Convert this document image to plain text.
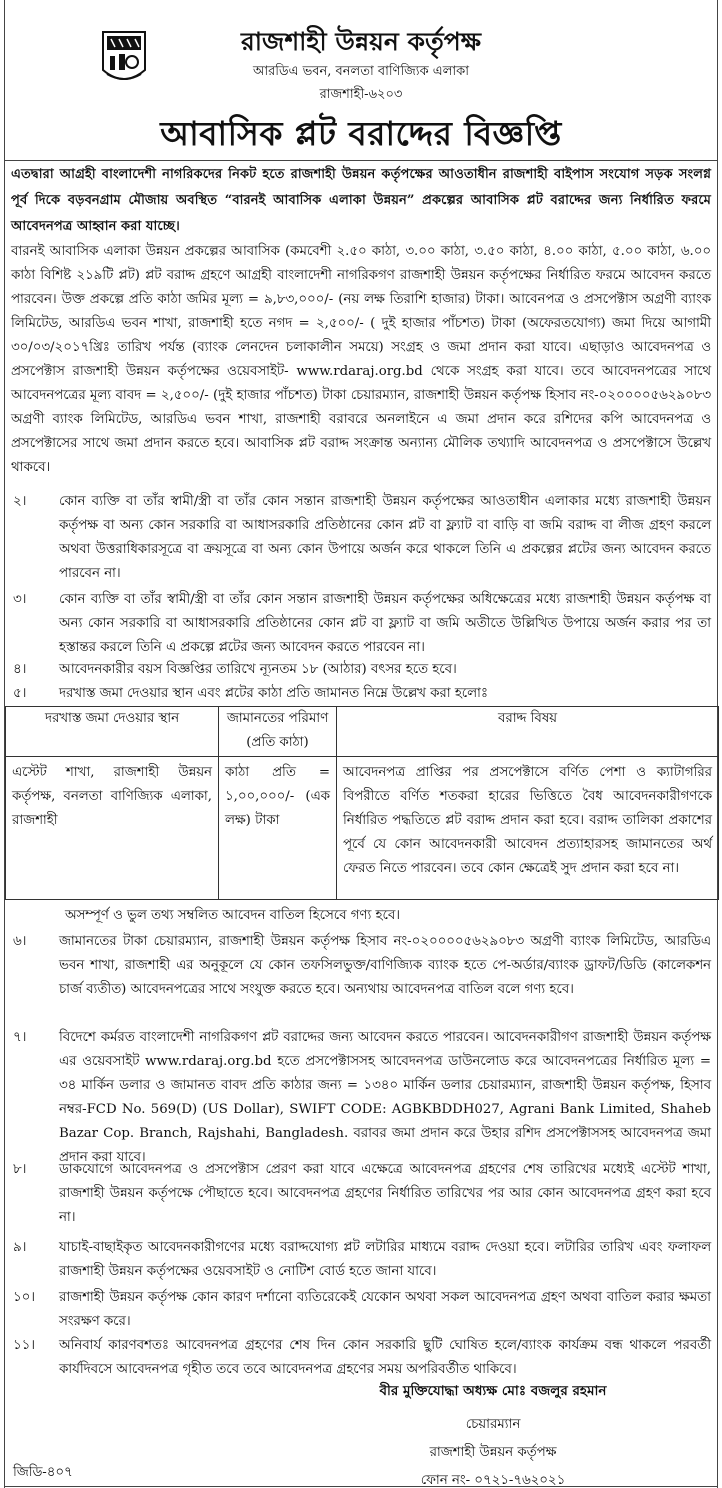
রাজশাহী উন্নয়ন কর্তৃপক্ষ
আরডিএ ভবন, বনলতা বাণিজ্যিক এলাকা
রাজশাহী-৬২০৩
আবাসিক প্লট বরাদ্দের বিজ্ঞপ্তি

এতদ্বারা আগ্রহী বাংলাদেশী নাগরিকদের নিকট হতে রাজশাহী উন্নয়ন কর্তৃপক্ষের আওতাধীন রাজশাহী বাইপাস সংযোগ সড়ক সংলগ্ন পূর্ব দিকে বড়বনগ্রাম মৌজায় অবস্থিত “বারনই আবাসিক এলাকা উন্নয়ন” প্রকল্পের আবাসিক প্লট বরাদ্দের জন্য নির্ধারিত ফরমে আবেদনপত্র আহ্বান করা যাচ্ছে।

বারনই আবাসিক এলাকা উন্নয়ন প্রকল্পের আবাসিক (কমবেশী ২.৫০ কাঠা, ৩.০০ কাঠা, ৩.৫০ কাঠা, ৪.০০ কাঠা, ৫.০০ কাঠা, ৬.০০ কাঠা বিশিষ্ট ২১৯টি প্লট) প্লট বরাদ্দ গ্রহণে আগ্রহী বাংলাদেশী নাগরিকগণ রাজশাহী উন্নয়ন কর্তৃপক্ষের নির্ধারিত ফরমে আবেদন করতে পারবেন। উক্ত প্রকল্পে প্রতি কাঠা জমির মূল্য = ৯,৮৩,০০০/- (নয় লক্ষ তিরাশি হাজার) টাকা। আবেনপত্র ও প্রসপেক্টাস অগ্রণী ব্যাংক লিমিটেড, আরডিএ ভবন শাখা, রাজশাহী হতে নগদ = ২,৫০০/- ( দুই হাজার পাঁচশত) টাকা (অফেরতযোগ্য) জমা দিয়ে আগামী ৩০/০৩/২০১৭খ্রিঃ তারিখ পর্যন্ত (ব্যাংক লেনদেন চলাকালীন সময়ে) সংগ্রহ ও জমা প্রদান করা যাবে। এছাড়াও আবেদনপত্র ও প্রসপেক্টাস রাজশাহী উন্নয়ন কর্তৃপক্ষের ওয়েবসাইট- www.rdaraj.org.bd থেকে সংগ্রহ করা যাবে। তবে আবেদনপত্রের সাথে আবেদনপত্রের মূল্য বাবদ = ২,৫০০/- (দুই হাজার পাঁচশত) টাকা চেয়ারম্যান, রাজশাহী উন্নয়ন কর্তৃপক্ষ হিসাব নং-০২০০০০৫৬২৯০৮৩ অগ্রণী ব্যাংক লিমিটেড, আরডিএ ভবন শাখা, রাজশাহী বরাবরে অনলাইনে এ জমা প্রদান করে রশিদের কপি আবেদনপত্র ও প্রসপেক্টাসের সাথে জমা প্রদান করতে হবে। আবাসিক প্লট বরাদ্দ সংক্রান্ত অন্যান্য মৌলিক তথ্যাদি আবেদনপত্র ও প্রসপেক্টাসে উল্লেখ থাকবে।

২।	কোন ব্যক্তি বা তাঁর স্বামী/স্ত্রী বা তাঁর কোন সন্তান রাজশাহী উন্নয়ন কর্তৃপক্ষের আওতাধীন এলাকার মধ্যে রাজশাহী উন্নয়ন কর্তৃপক্ষ বা অন্য কোন সরকারি বা আধাসরকারি প্রতিষ্ঠানের কোন প্লট বা ফ্ল্যাট বা বাড়ি বা জমি বরাদ্দ বা লীজ গ্রহণ করলে অথবা উত্তরাধিকারসূত্রে বা ক্রয়সূত্রে বা অন্য কোন উপায়ে অর্জন করে থাকলে তিনি এ প্রকল্পের প্লটের জন্য আবেদন করতে পারবেন না।
৩।	কোন ব্যক্তি বা তাঁর স্বামী/স্ত্রী বা তাঁর কোন সন্তান রাজশাহী উন্নয়ন কর্তৃপক্ষের অধিক্ষেত্রের মধ্যে রাজশাহী উন্নয়ন কর্তৃপক্ষ বা অন্য কোন সরকারি বা আধাসরকারি প্রতিষ্ঠানের কোন প্লট বা ফ্ল্যাট বা জমি অতীতে উল্লিখিত উপায়ে অর্জন করার পর তা হস্তান্তর করলে তিনি এ প্রকল্পে প্লটের জন্য আবেদন করতে পারবেন না।
৪।	আবেদনকারীর বয়স বিজ্ঞপ্তির তারিখে ন্যূনতম ১৮ (আঠার) বৎসর হতে হবে।
৫।	দরখাস্ত জমা দেওয়ার স্থান এবং প্লটের কাঠা প্রতি জামানত নিম্নে উল্লেখ করা হলোঃ
দরখাস্ত জমা দেওয়ার স্থান	জামানতের পরিমাণ (প্রতি কাঠা)	বরাদ্দ বিষয়
এস্টেট শাখা, রাজশাহী উন্নয়ন কর্তৃপক্ষ, বনলতা বাণিজ্যিক এলাকা, রাজশাহী	কাঠা প্রতি = ১,০০,০০০/- (এক লক্ষ) টাকা	আবেদনপত্র প্রাপ্তির পর প্রসপেক্টাসে বর্ণিত পেশা ও ক্যাটাগরির বিপরীতে বর্ণিত শতকরা হারের ভিত্তিতে বৈধ আবেদনকারীগণকে নির্ধারিত পদ্ধতিতে প্লট বরাদ্দ প্রদান করা হবে। বরাদ্দ তালিকা প্রকাশের পূর্বে যে কোন আবেদনকারী আবেদন প্রত্যাহারসহ জামানতের অর্থ ফেরত নিতে পারবেন। তবে কোন ক্ষেত্রেই সুদ প্রদান করা হবে না।
অসম্পূর্ণ ও ভুল তথ্য সম্বলিত আবেদন বাতিল হিসেবে গণ্য হবে।
৬।	জামানতের টাকা চেয়ারম্যান, রাজশাহী উন্নয়ন কর্তৃপক্ষ হিসাব নং-০২০০০০৫৬২৯০৮৩ অগ্রণী ব্যাংক লিমিটেড, আরডিএ ভবন শাখা, রাজশাহী এর অনুকূলে যে কোন তফসিলভুক্ত/বাণিজ্যিক ব্যাংক হতে পে-অর্ডার/ব্যাংক ড্রাফট/ডিডি (কালেকশন চার্জ ব্যতীত) আবেদনপত্রের সাথে সংযুক্ত করতে হবে। অন্যথায় আবেদনপত্র বাতিল বলে গণ্য হবে।
৭।	বিদেশে কর্মরত বাংলাদেশী নাগরিকগণ প্লট বরাদ্দের জন্য আবেদন করতে পারবেন। আবেদনকারীগণ রাজশাহী উন্নয়ন কর্তৃপক্ষ এর ওয়েবসাইট www.rdaraj.org.bd হতে প্রসপেক্টাসসহ আবেদনপত্র ডাউনলোড করে আবেদনপত্রের নির্ধারিত মূল্য = ৩৪ মার্কিন ডলার ও জামানত বাবদ প্রতি কাঠার জন্য = ১৩৪০ মার্কিন ডলার চেয়ারম্যান, রাজশাহী উন্নয়ন কর্তৃপক্ষ, হিসাব নম্বর-FCD No. 569(D) (US Dollar), SWIFT CODE: AGBKBDDH027, Agrani Bank Limited, Shaheb Bazar Cop. Branch, Rajshahi, Bangladesh. বরাবর জমা প্রদান করে উহার রশিদ প্রসপেক্টাসসহ আবেদনপত্র জমা প্রদান করা যাবে।
৮।	ডাকযোগে আবেদনপত্র ও প্রসপেক্টাস প্রেরণ করা যাবে এক্ষেত্রে আবেদনপত্র গ্রহণের শেষ তারিখের মধ্যেই এস্টেট শাখা, রাজশাহী উন্নয়ন কর্তৃপক্ষে পৌছাতে হবে। আবেদনপত্র গ্রহণের নির্ধারিত তারিখের পর আর কোন আবেদনপত্র গ্রহণ করা হবে না।
৯।	যাচাই-বাছাইকৃত আবেদনকারীগণের মধ্যে বরাদ্দযোগ্য প্লট লটারির মাধ্যমে বরাদ্দ দেওয়া হবে। লটারির তারিখ এবং ফলাফল রাজশাহী উন্নয়ন কর্তৃপক্ষের ওয়েবসাইট ও নোটিশ বোর্ড হতে জানা যাবে।
১০।	রাজশাহী উন্নয়ন কর্তৃপক্ষ কোন কারণ দর্শানো ব্যতিরেকেই যেকোন অথবা সকল আবেদনপত্র গ্রহণ অথবা বাতিল করার ক্ষমতা সংরক্ষণ করে।
১১।	অনিবার্য কারণবশতঃ আবেদনপত্র গ্রহণের শেষ দিন কোন সরকারি ছুটি ঘোষিত হলে/ব্যাংক কার্যক্রম বন্ধ থাকলে পরবর্তী কার্যদিবসে আবেদনপত্র গৃহীত তবে তবে আবেদনপত্র গ্রহণের সময় অপরিবর্তীত থাকিবে।
বীর মুক্তিযোদ্ধা অধ্যক্ষ মোঃ বজলুর রহমান
চেয়ারম্যান
রাজশাহী উন্নয়ন কর্তৃপক্ষ
ফোন নং- ০৭২১-৭৬২০২১
জিডি-৪০৭
